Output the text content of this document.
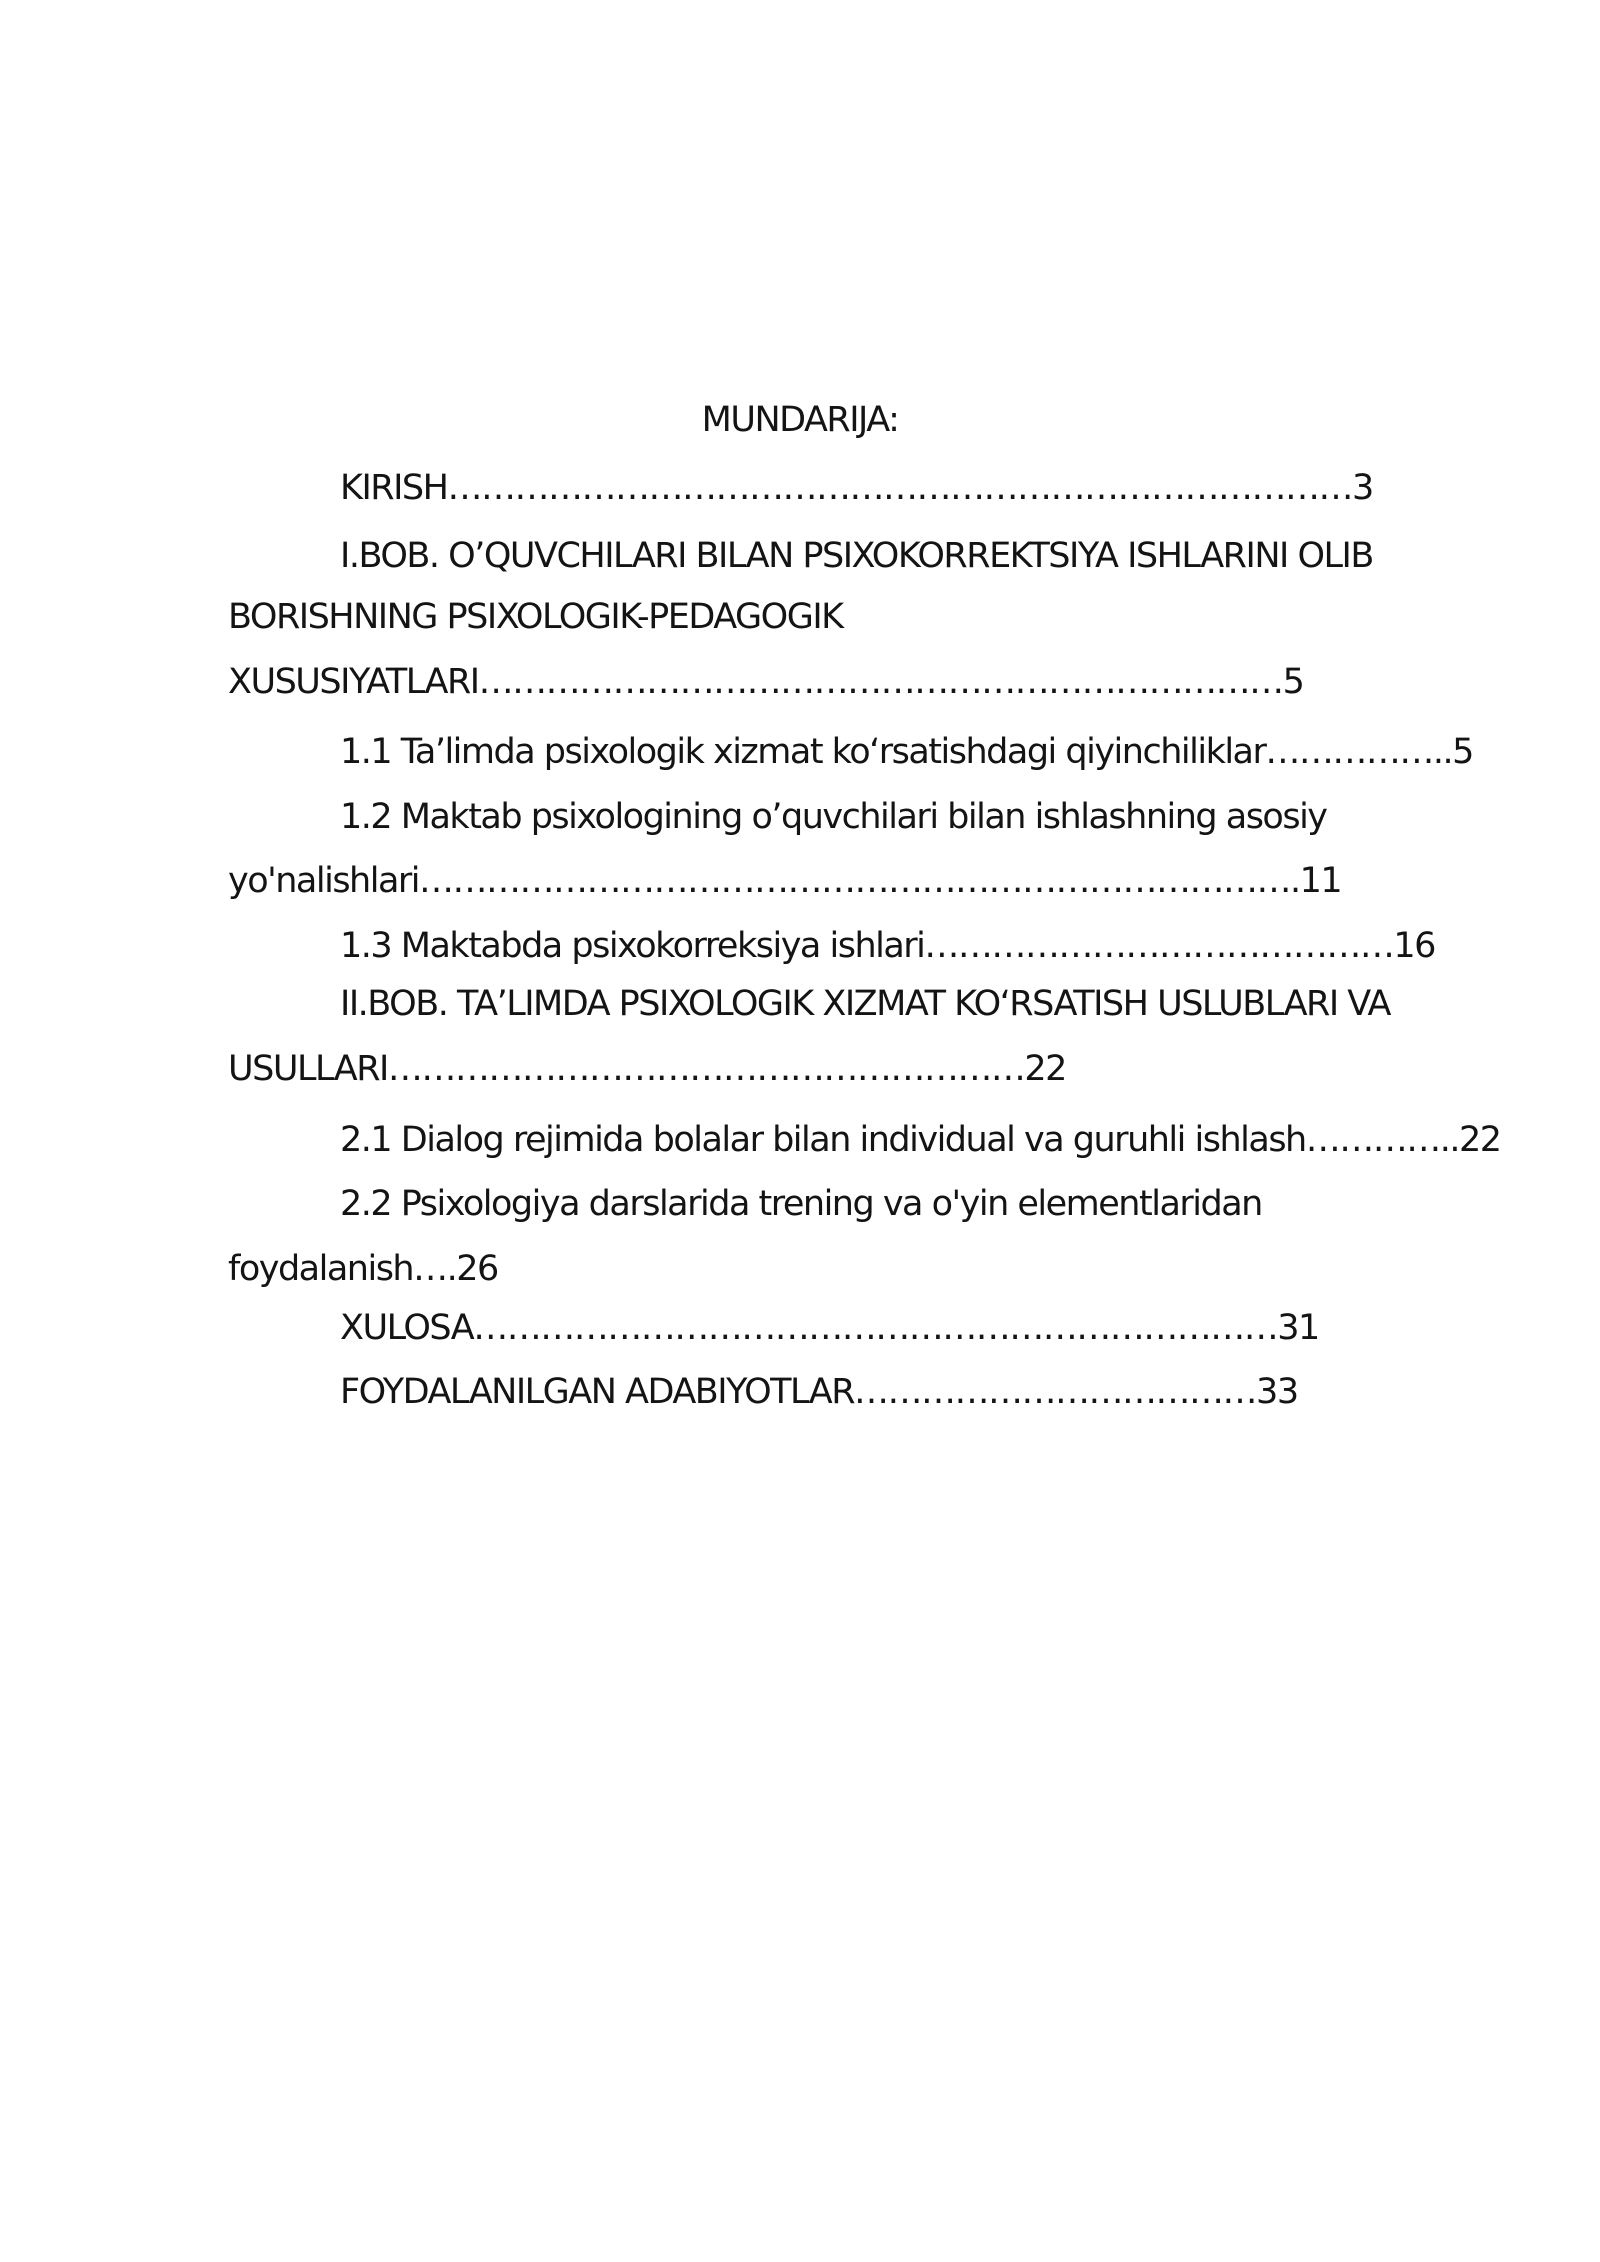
MUNDARIJA:
KIRISH………………………………………………………………………3
I.BOB. O’QUVCHILARI BILAN PSIXOKORREKTSIYA ISHLARINI OLIB
BORISHNING PSIXOLOGIK-PEDAGOGIK
XUSUSIYATLARI………………………………………………………………5
1.1 Ta’limda psixologik xizmat ko‘rsatishdagi qiyinchiliklar……………..5
1.2 Maktab psixologining o’quvchilari bilan ishlashning asosiy
yo'nalishlari…………………………………………………………………….11
1.3 Maktabda psixokorreksiya ishlari……………………………………16
II.BOB. TA’LIMDA PSIXOLOGIK XIZMAT KO‘RSATISH USLUBLARI VA
USULLARI…………………………………………………22
2.1 Dialog rejimida bolalar bilan individual va guruhli ishlash…………..22
2.2 Psixologiya darslarida trening va o'yin elementlaridan
foydalanish….26
XULOSA………………………………………………………………31
FOYDALANILGAN ADABIYOTLAR………………………………33
